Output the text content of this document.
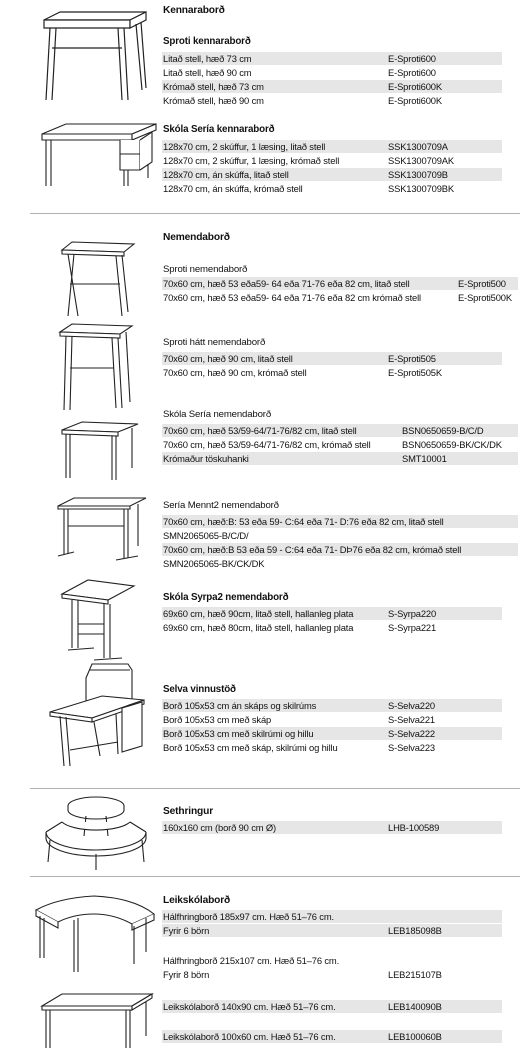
Kennaraborð
Sproti kennaraborð
Litað stell, hæð 73 cm	E-Sproti600
Litað stell, hæð 90 cm	E-Sproti600
Krómað stell, hæð 73 cm	E-Sproti600K
Krómað stell, hæð 90 cm	E-Sproti600K
Skóla Sería kennaraborð
128x70 cm, 2 skúffur, 1 læsing, litað stell	SSK1300709A
128x70 cm, 2 skúffur, 1 læsing, krómað stell	SSK1300709AK
128x70 cm, án skúffa, litað stell	SSK1300709B
128x70 cm, án skúffa, krómað stell	SSK1300709BK
Nemendaborð
Sproti nemendaborð
70x60 cm, hæð 53 eða59- 64 eða 71-76 eða 82 cm, litað stell	E-Sproti500
70x60 cm, hæð 53 eða59- 64 eða 71-76 eða 82 cm krómað stell	E-Sproti500K
Sproti hátt nemendaborð
70x60 cm, hæð 90 cm, litað stell	E-Sproti505
70x60 cm, hæð 90 cm, krómað stell	E-Sproti505K
Skóla Sería nemendaborð
70x60 cm, hæð 53/59-64/71-76/82 cm, litað stell	BSN0650659-B/C/D
70x60 cm, hæð 53/59-64/71-76/82 cm, krómað stell	BSN0650659-BK/CK/DK
Krómaður töskuhanki	SMT10001
Sería Mennt2 nemendaborð
70x60 cm, hæð:B: 53 eða 59- C:64 eða 71- D:76 eða 82 cm, litað stell
SMN2065065-B/C/D/
70x60 cm, hæð:B 53 eða 59 - C:64 eða 71- DÞ76 eða 82 cm, krómað stell
SMN2065065-BK/CK/DK
Skóla Syrpa2 nemendaborð
69x60 cm, hæð 90cm, litað stell, hallanleg plata	S-Syrpa220
69x60 cm, hæð 80cm, litað stell, hallanleg plata	S-Syrpa221
Selva vinnustöð
Borð 105x53 cm án skáps og skilrúms	S-Selva220
Borð 105x53 cm með skáp	S-Selva221
Borð 105x53 cm með skilrúmi og hillu	S-Selva222
Borð 105x53 cm með skáp, skilrúmi og hillu	S-Selva223
Sethringur
160x160 cm (borð 90 cm Ø)	LHB-100589
Leikskólaborð
Hálfhringborð 185x97 cm. Hæð 51–76 cm.
Fyrir 6 börn	LEB185098B
Hálfhringborð 215x107 cm. Hæð 51–76 cm.
Fyrir 8 börn	LEB215107B
Leikskólaborð 140x90 cm. Hæð 51–76 cm.	LEB140090B
Leikskólaborð 100x60 cm. Hæð 51–76 cm.	LEB100060B
